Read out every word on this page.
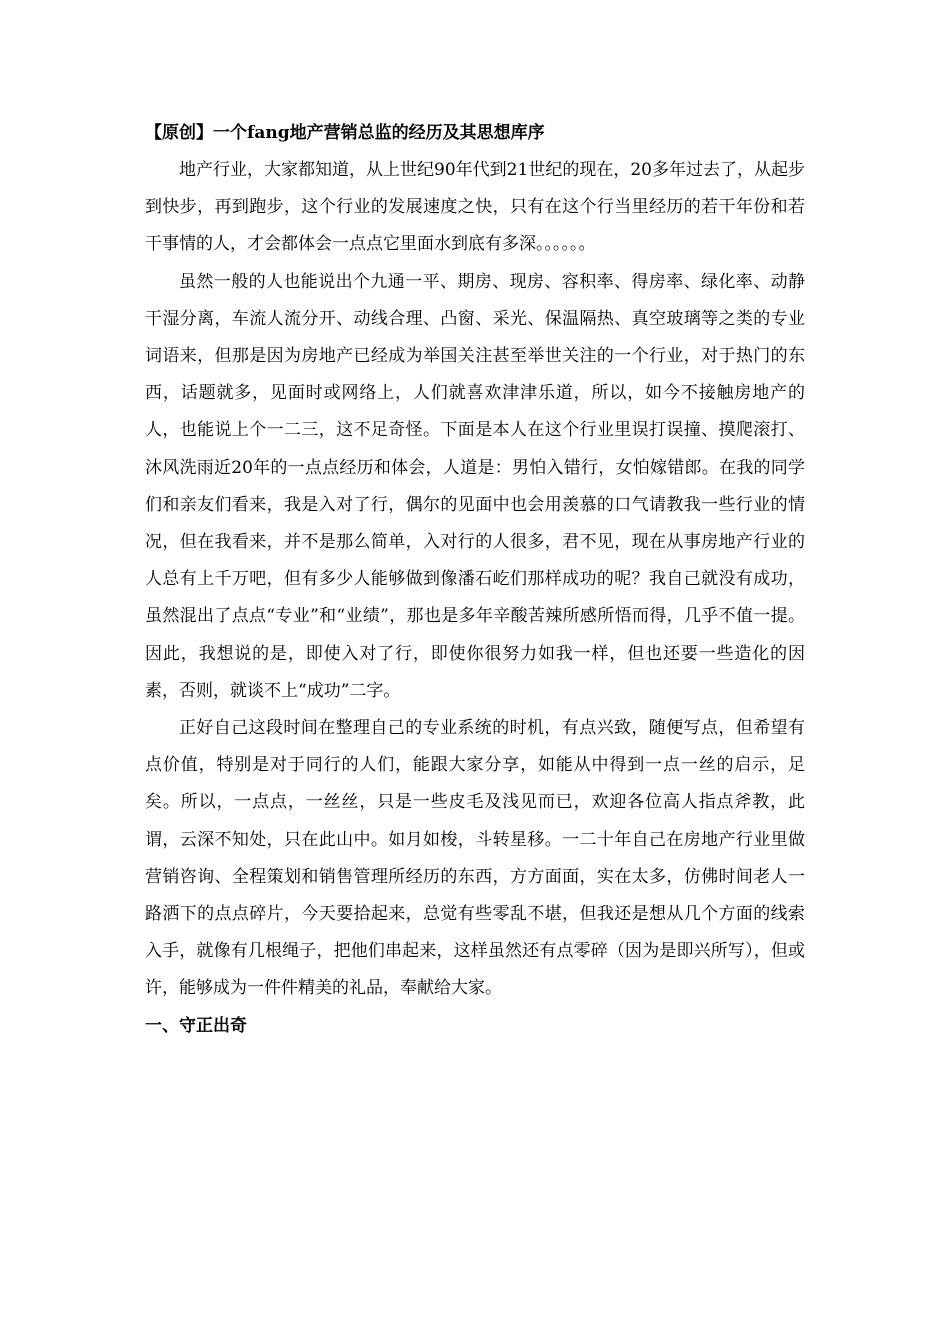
【原创】一个fang地产营销总监的经历及其思想库序

地产行业，大家都知道，从上世纪90年代到21世纪的现在，20多年过去了，从起步到快步，再到跑步，这个行业的发展速度之快，只有在这个行当里经历的若干年份和若干事情的人，才会都体会一点点它里面水到底有多深。。。。。。

虽然一般的人也能说出个九通一平、期房、现房、容积率、得房率、绿化率、动静干湿分离，车流人流分开、动线合理、凸窗、采光、保温隔热、真空玻璃等之类的专业词语来，但那是因为房地产已经成为举国关注甚至举世关注的一个行业，对于热门的东西，话题就多，见面时或网络上，人们就喜欢津津乐道，所以，如今不接触房地产的人，也能说上个一二三，这不足奇怪。下面是本人在这个行业里误打误撞、摸爬滚打、沐风洗雨近20年的一点点经历和体会，人道是：男怕入错行，女怕嫁错郎。在我的同学们和亲友们看来，我是入对了行，偶尔的见面中也会用羡慕的口气请教我一些行业的情况，但在我看来，并不是那么简单，入对行的人很多，君不见，现在从事房地产行业的人总有上千万吧，但有多少人能够做到像潘石屹们那样成功的呢？我自己就没有成功，虽然混出了点点“专业”和“业绩”，那也是多年辛酸苦辣所感所悟而得，几乎不值一提。因此，我想说的是，即使入对了行，即使你很努力如我一样，但也还要一些造化的因素，否则，就谈不上“成功”二字。

正好自己这段时间在整理自己的专业系统的时机，有点兴致，随便写点，但希望有点价值，特别是对于同行的人们，能跟大家分享，如能从中得到一点一丝的启示，足矣。所以，一点点，一丝丝，只是一些皮毛及浅见而已，欢迎各位高人指点斧教，此谓，云深不知处，只在此山中。如月如梭，斗转星移。一二十年自己在房地产行业里做营销咨询、全程策划和销售管理所经历的东西，方方面面，实在太多，仿佛时间老人一路洒下的点点碎片，今天要拾起来，总觉有些零乱不堪，但我还是想从几个方面的线索入手，就像有几根绳子，把他们串起来，这样虽然还有点零碎（因为是即兴所写），但或许，能够成为一件件精美的礼品，奉献给大家。

一、守正出奇
